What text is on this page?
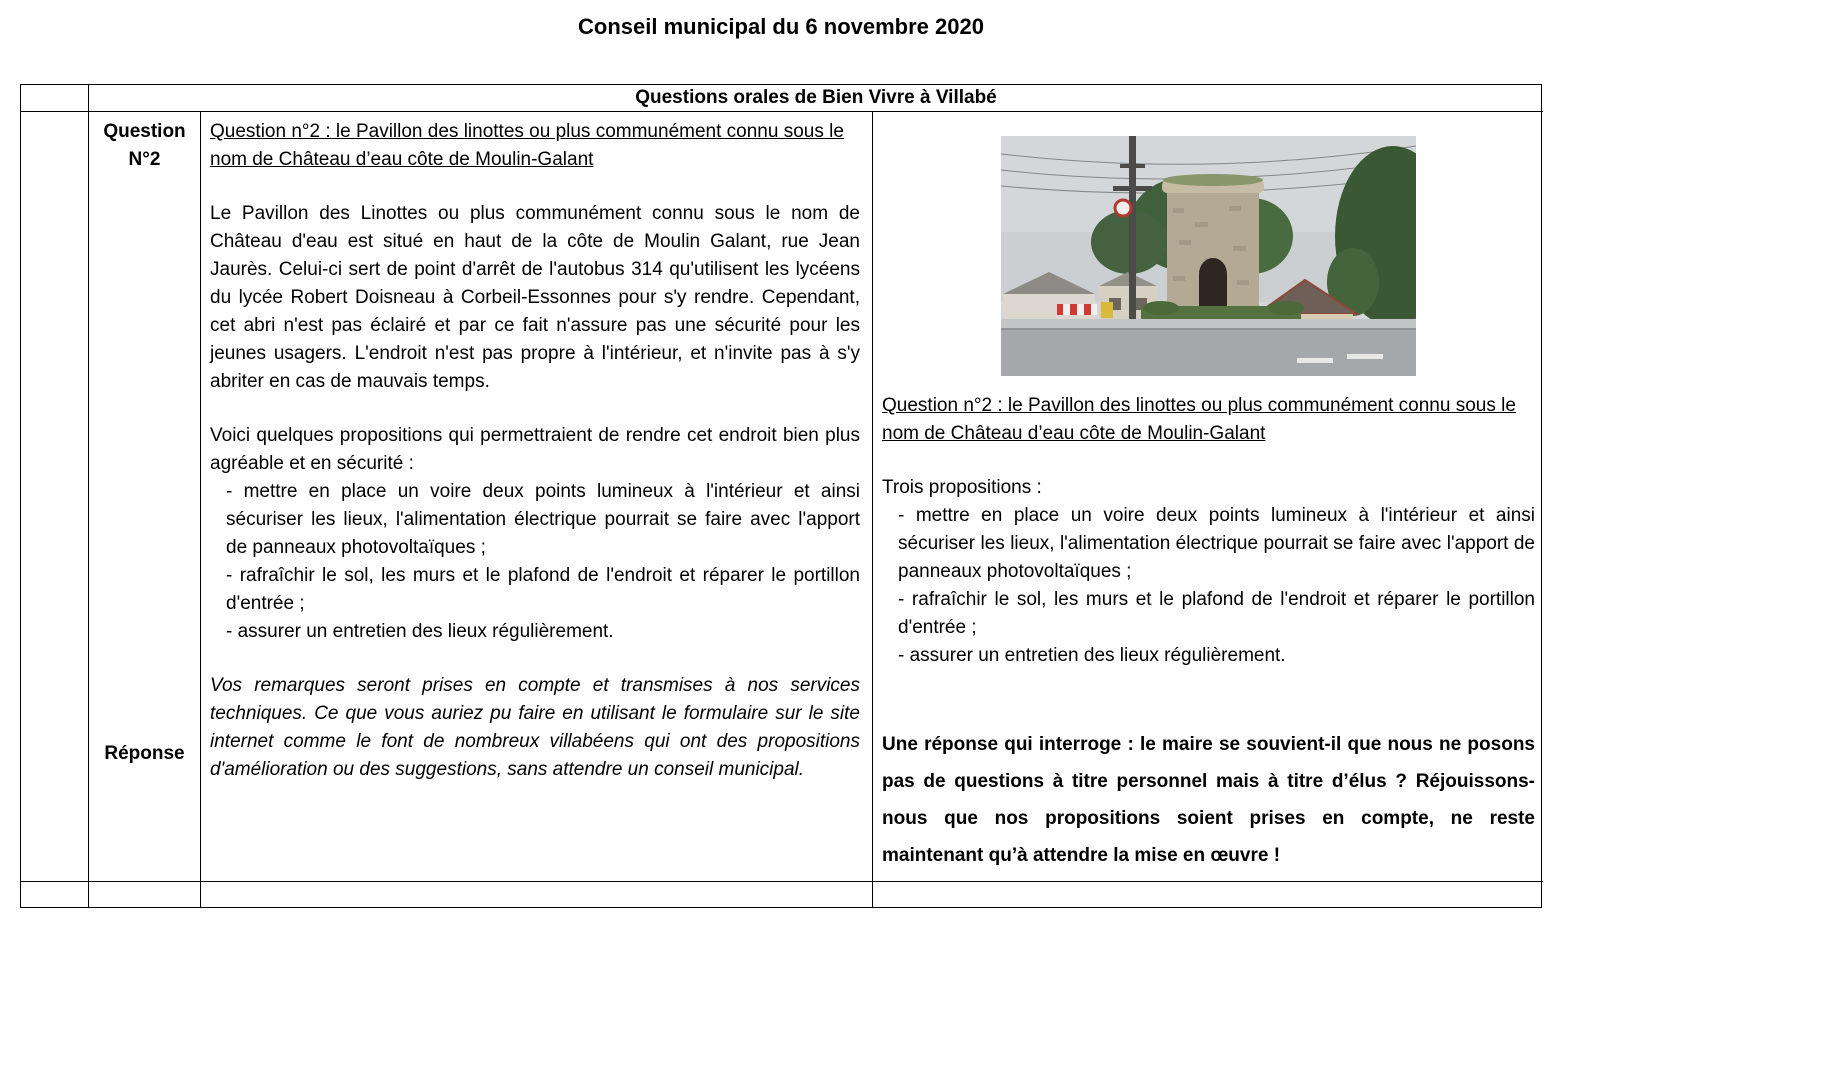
Conseil municipal du 6 novembre 2020
Questions orales de Bien Vivre à Villabé
Question
N°2
Réponse

Question n°2 : le Pavillon des linottes ou plus communément connu sous le nom de Château d’eau côte de Moulin-Galant

Le Pavillon des Linottes ou plus communément connu sous le nom de Château d'eau est situé en haut de la côte de Moulin Galant, rue Jean Jaurès. Celui-ci sert de point d'arrêt de l'autobus 314 qu'utilisent les lycéens du lycée Robert Doisneau à Corbeil-Essonnes pour s'y rendre. Cependant, cet abri n'est pas éclairé et par ce fait n'assure pas une sécurité pour les jeunes usagers. L'endroit n'est pas propre à l'intérieur, et n'invite pas à s'y abriter en cas de mauvais temps.

Voici quelques propositions qui permettraient de rendre cet endroit bien plus agréable et en sécurité :

- mettre en place un voire deux points lumineux à l'intérieur et ainsi sécuriser les lieux, l'alimentation électrique pourrait se faire avec l'apport de panneaux photovoltaïques ;

- rafraîchir le sol, les murs et le plafond de l'endroit et réparer le portillon d'entrée ;

- assurer un entretien des lieux régulièrement.

Vos remarques seront prises en compte et transmises à nos services techniques. Ce que vous auriez pu faire en utilisant le formulaire sur le site internet comme le font de nombreux villabéens qui ont des propositions d'amélioration ou des suggestions, sans attendre un conseil municipal.

Question n°2 : le Pavillon des linottes ou plus communément connu sous le nom de Château d’eau côte de Moulin-Galant

Trois propositions :

- mettre en place un voire deux points lumineux à l'intérieur et ainsi sécuriser les lieux, l'alimentation électrique pourrait se faire avec l'apport de panneaux photovoltaïques ;

- rafraîchir le sol, les murs et le plafond de l'endroit et réparer le portillon d'entrée ;

- assurer un entretien des lieux régulièrement.

Une réponse qui interroge : le maire se souvient-il que nous ne posons pas de questions à titre personnel mais à titre d’élus ? Réjouissons-nous que nos propositions soient prises en compte, ne reste maintenant qu’à attendre la mise en œuvre !
